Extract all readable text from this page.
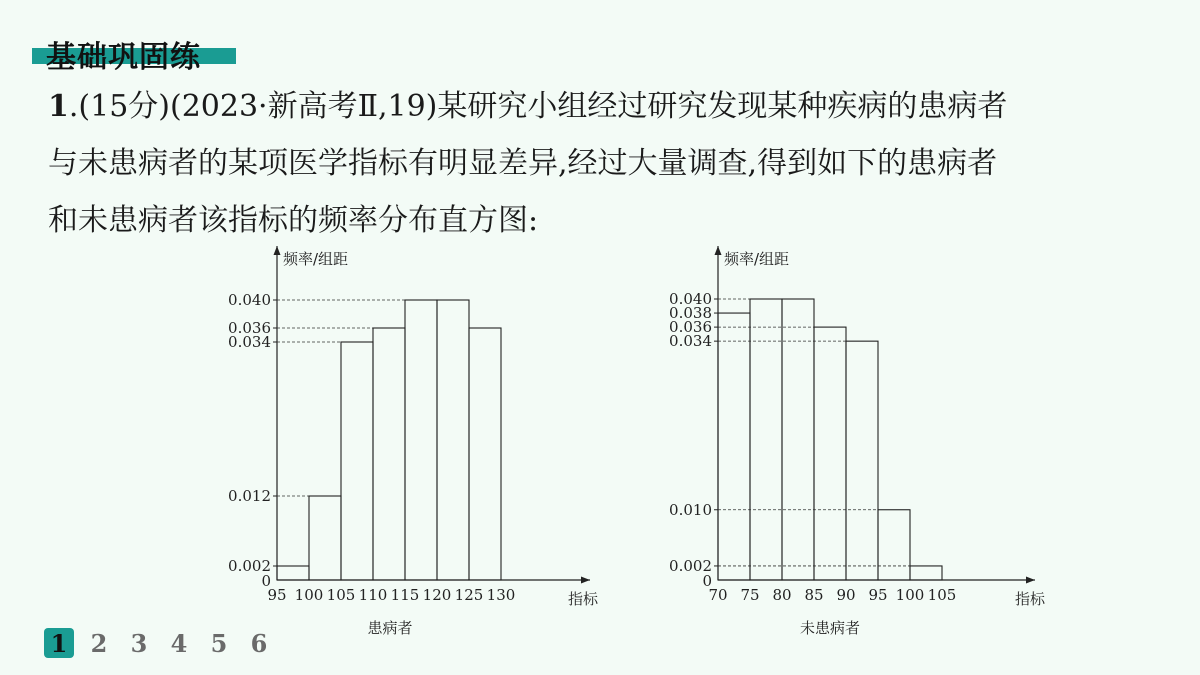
基础巩固练
1.(15分)(2023·新高考Ⅱ,19)某研究小组经过研究发现某种疾病的患病者
与未患病者的某项医学指标有明显差异,经过大量调查,得到如下的患病者
和未患病者该指标的频率分布直方图:
频率/组距
指标
0.002
0.012
0.034
0.036
0.040
0
95 100 105 110 115 120 125 130
患病者
频率/组距
指标
0.002
0.010
0.034
0.036
0.038
0.040
0
70 75 80 85 90 95 100 105
未患病者
1 2 3 4 5 6
